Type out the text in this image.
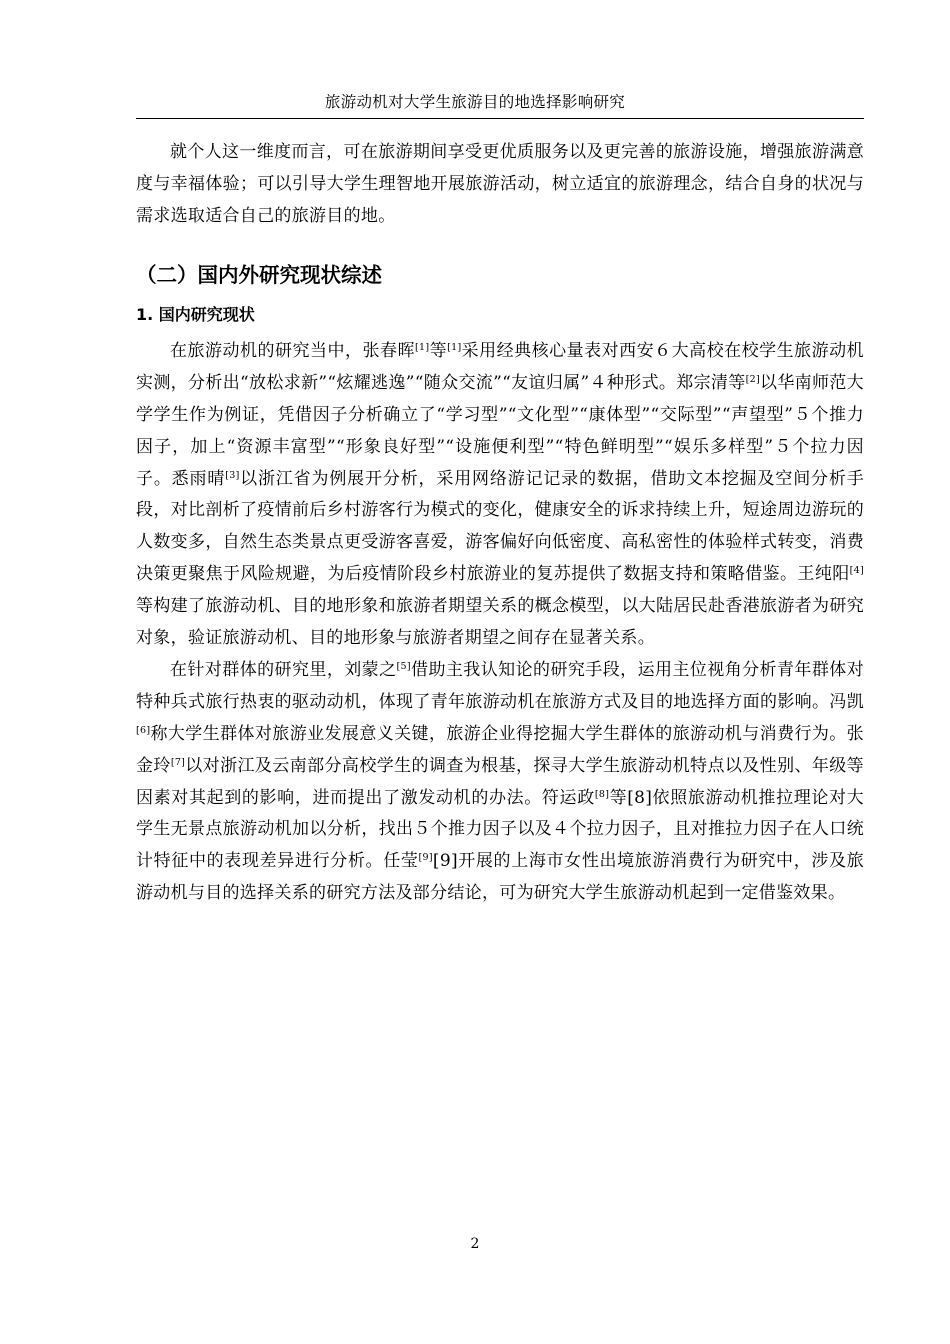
旅游动机对大学生旅游目的地选择影响研究

就个人这一维度而言，可在旅游期间享受更优质服务以及更完善的旅游设施，增强旅游满意度与幸福体验；可以引导大学生理智地开展旅游活动，树立适宜的旅游理念，结合自身的状况与需求选取适合自己的旅游目的地。

（二）国内外研究现状综述
1. 国内研究现状

在旅游动机的研究当中，张春晖[1]等[1]采用经典核心量表对西安６大高校在校学生旅游动机实测，分析出“放松求新”“炫耀逃逸”“随众交流”“友谊归属”４种形式。郑宗清等[2]以华南师范大学学生作为例证，凭借因子分析确立了“学习型”“文化型”“康体型”“交际型”“声望型”５个推力因子，加上“资源丰富型”“形象良好型”“设施便利型”“特色鲜明型”“娱乐多样型”５个拉力因子。悉雨晴[3]以浙江省为例展开分析，采用网络游记记录的数据，借助文本挖掘及空间分析手段，对比剖析了疫情前后乡村游客行为模式的变化，健康安全的诉求持续上升，短途周边游玩的人数变多，自然生态类景点更受游客喜爱，游客偏好向低密度、高私密性的体验样式转变，消费决策更聚焦于风险规避，为后疫情阶段乡村旅游业的复苏提供了数据支持和策略借鉴。王纯阳[4]等构建了旅游动机、目的地形象和旅游者期望关系的概念模型，以大陆居民赴香港旅游者为研究对象，验证旅游动机、目的地形象与旅游者期望之间存在显著关系。

在针对群体的研究里，刘蒙之[5]借助主我认知论的研究手段，运用主位视角分析青年群体对特种兵式旅行热衷的驱动动机，体现了青年旅游动机在旅游方式及目的地选择方面的影响。冯凯[6]称大学生群体对旅游业发展意义关键，旅游企业得挖掘大学生群体的旅游动机与消费行为。张金玲[7]以对浙江及云南部分高校学生的调查为根基，探寻大学生旅游动机特点以及性别、年级等因素对其起到的影响，进而提出了激发动机的办法。符运政[8]等[8]依照旅游动机推拉理论对大学生无景点旅游动机加以分析，找出５个推力因子以及４个拉力因子，且对推拉力因子在人口统计特征中的表现差异进行分析。任莹[9][9]开展的上海市女性出境旅游消费行为研究中，涉及旅游动机与目的选择关系的研究方法及部分结论，可为研究大学生旅游动机起到一定借鉴效果。

2
